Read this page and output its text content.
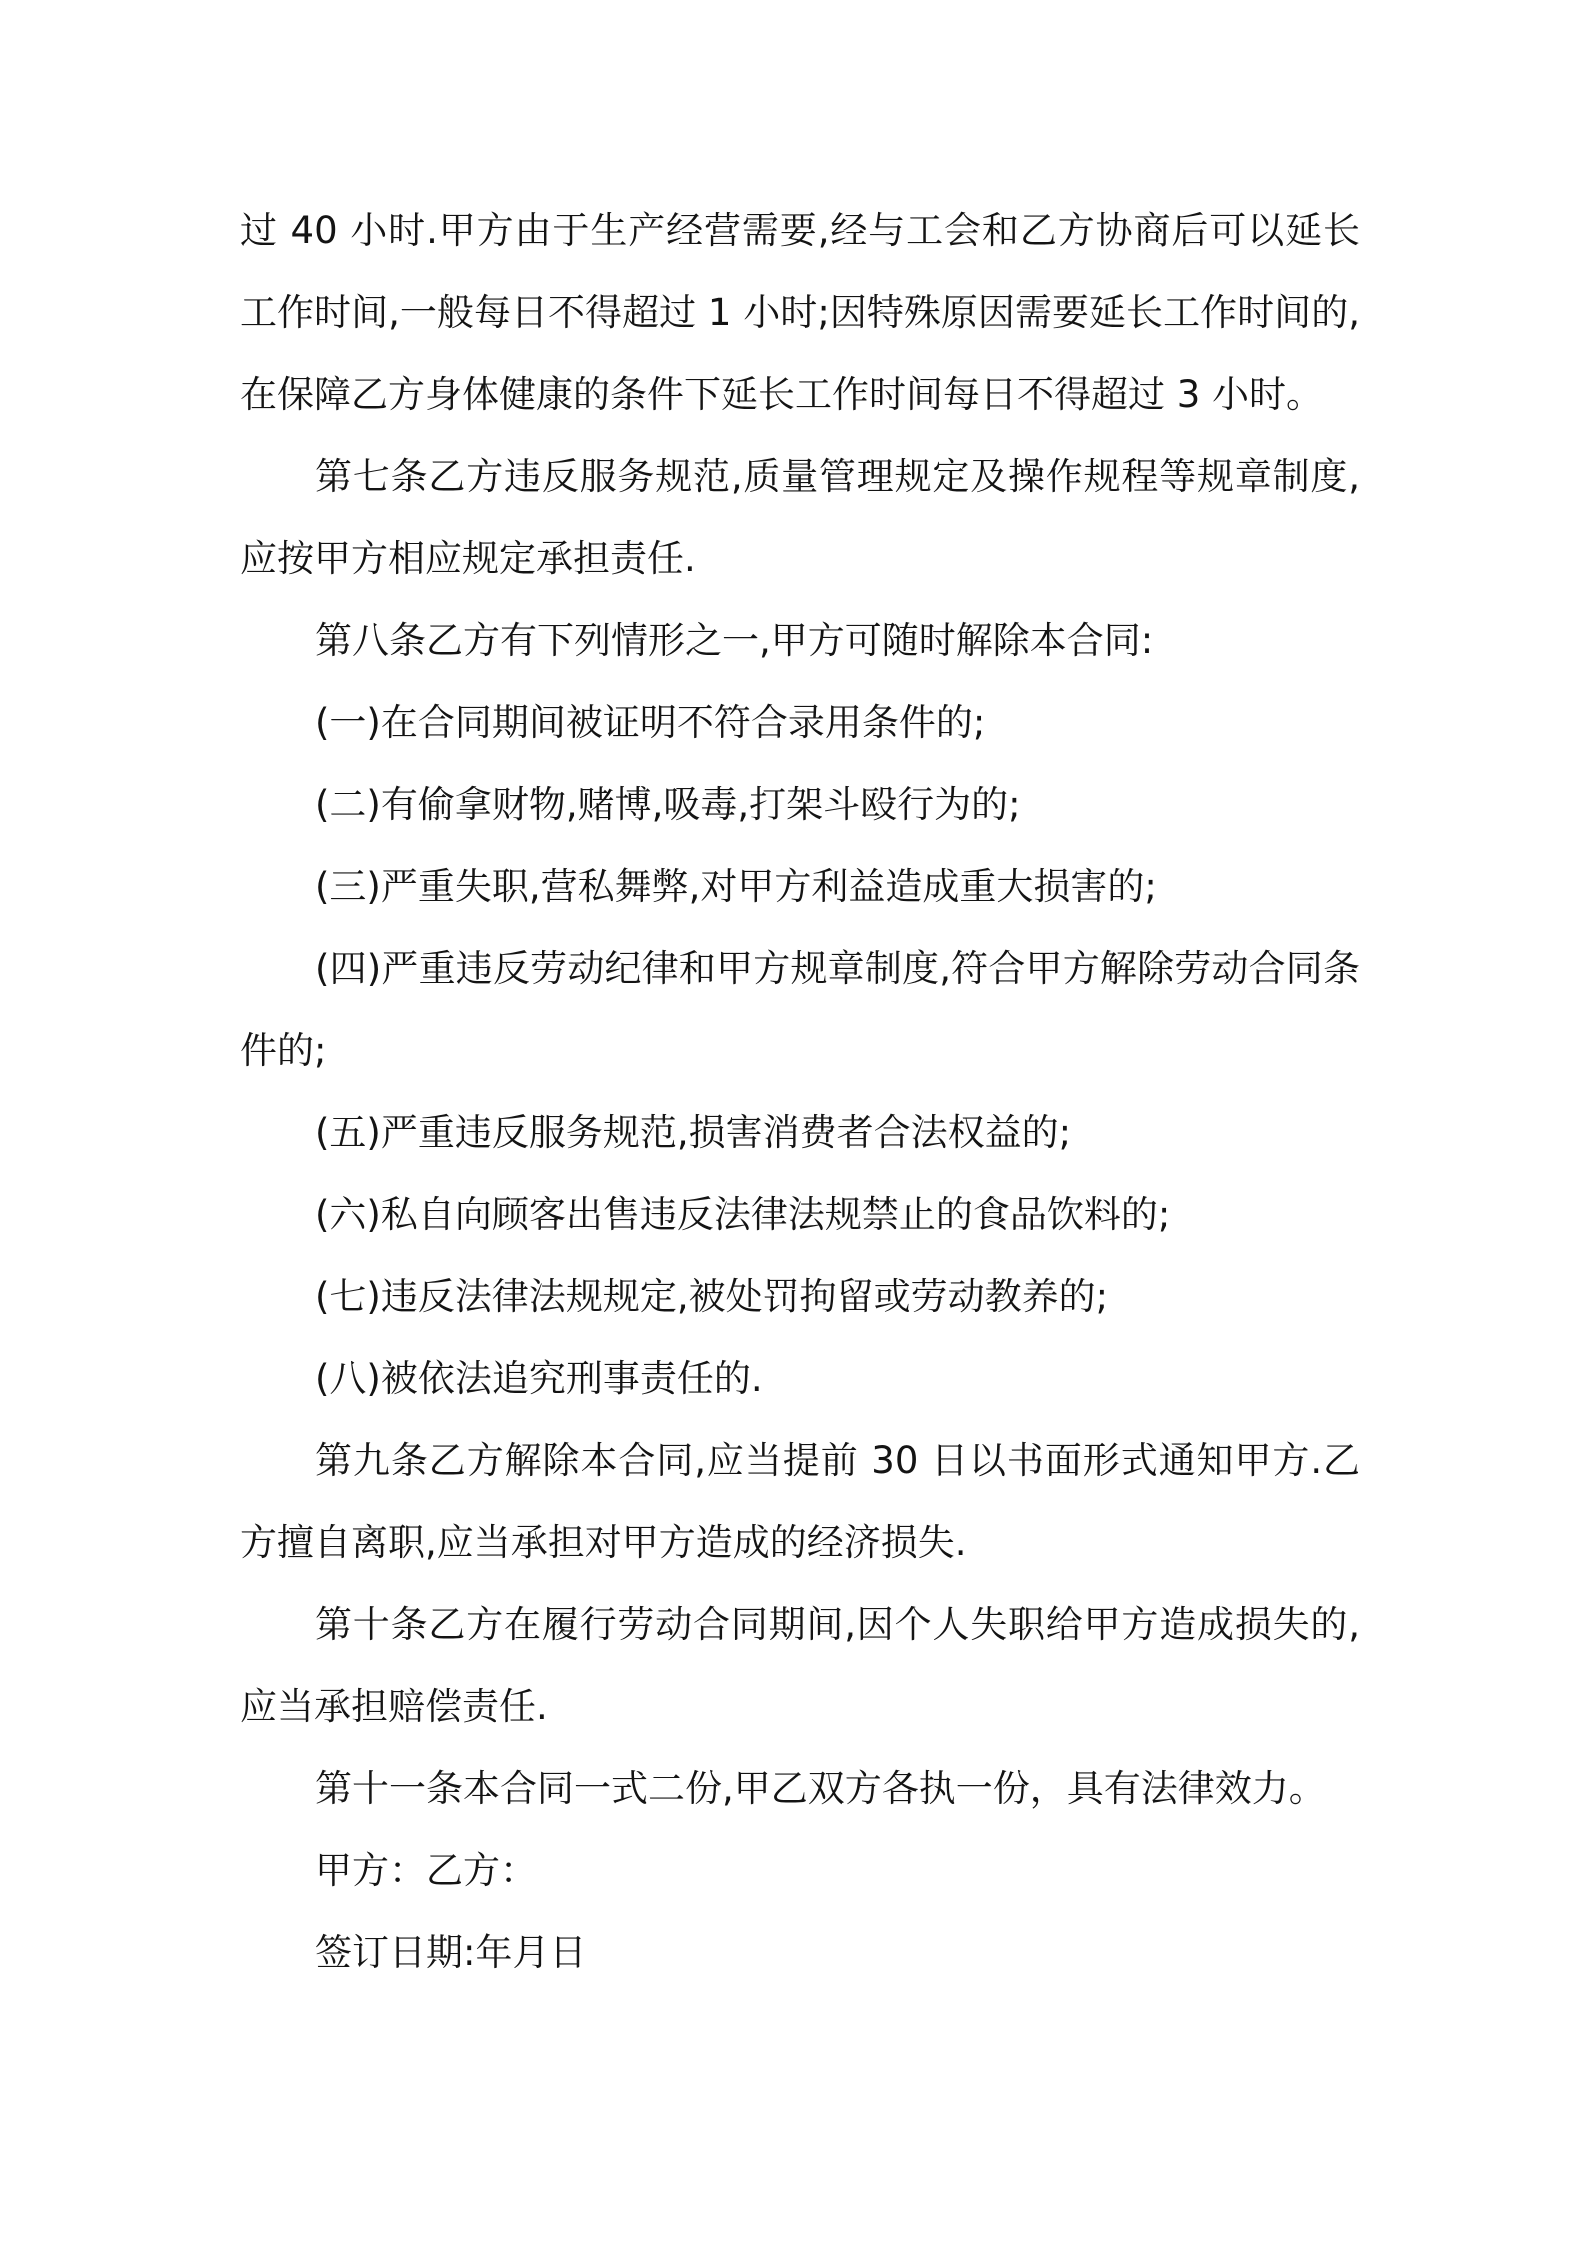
过 40 小时.甲方由于生产经营需要,经与工会和乙方协商后可以延长工作时间,一般每日不得超过 1 小时;因特殊原因需要延长工作时间的,在保障乙方身体健康的条件下延长工作时间每日不得超过 3 小时。

第七条乙方违反服务规范,质量管理规定及操作规程等规章制度,应按甲方相应规定承担责任.

第八条乙方有下列情形之一,甲方可随时解除本合同:

(一)在合同期间被证明不符合录用条件的;

(二)有偷拿财物,赌博,吸毒,打架斗殴行为的;

(三)严重失职,营私舞弊,对甲方利益造成重大损害的;

(四)严重违反劳动纪律和甲方规章制度,符合甲方解除劳动合同条件的;

(五)严重违反服务规范,损害消费者合法权益的;

(六)私自向顾客出售违反法律法规禁止的食品饮料的;

(七)违反法律法规规定,被处罚拘留或劳动教养的;

(八)被依法追究刑事责任的.

第九条乙方解除本合同,应当提前 30 日以书面形式通知甲方.乙方擅自离职,应当承担对甲方造成的经济损失.

第十条乙方在履行劳动合同期间,因个人失职给甲方造成损失的,应当承担赔偿责任.

第十一条本合同一式二份,甲乙双方各执一份，具有法律效力。

甲方：乙方：

签订日期:年月日
